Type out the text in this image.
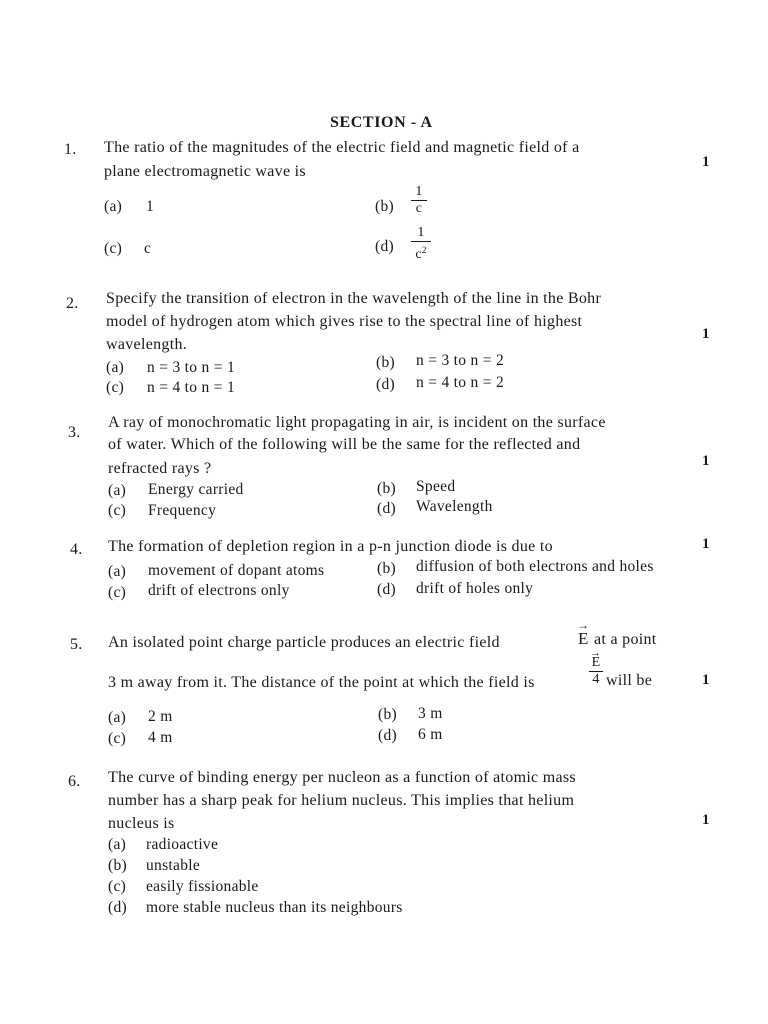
SECTION - A
1. The ratio of the magnitudes of the electric field and magnetic field of a
plane electromagnetic wave is
1
(a) 1	(b)
1
c
(c) c	(d)
1
$c^2$
2. Specify the transition of electron in the wavelength of the line in the Bohr
model of hydrogen atom which gives rise to the spectral line of highest
wavelength.
1
(a) n = 3 to n = 1	(b) n = 3 to n = 2
(c) n = 4 to n = 1	(d) n = 4 to n = 2
3.
A ray of monochromatic light propagating in air, is incident on the surface
of water. Which of the following will be the same for the reflected and
refracted rays ?	1
(a) Energy carried	(b) Speed
(c) Frequency	(d) Wavelength
4. The formation of depletion region in a p-n junction diode is due to	1
(a) movement of dopant atoms	(b) diffusion of both electrons and holes
(c) drift of electrons only	(d) drift of holes only
5. An isolated point charge particle produces an electric field
→
E at a point
3 m away from it. The distance of the point at which the field is
→
E
4 will be	1
(a) 2 m	(b) 3 m
(c) 4 m	(d) 6 m
6. The curve of binding energy per nucleon as a function of atomic mass
number has a sharp peak for helium nucleus. This implies that helium
nucleus is	1
(a) radioactive
(b) unstable
(c) easily fissionable
(d) more stable nucleus than its neighbours
